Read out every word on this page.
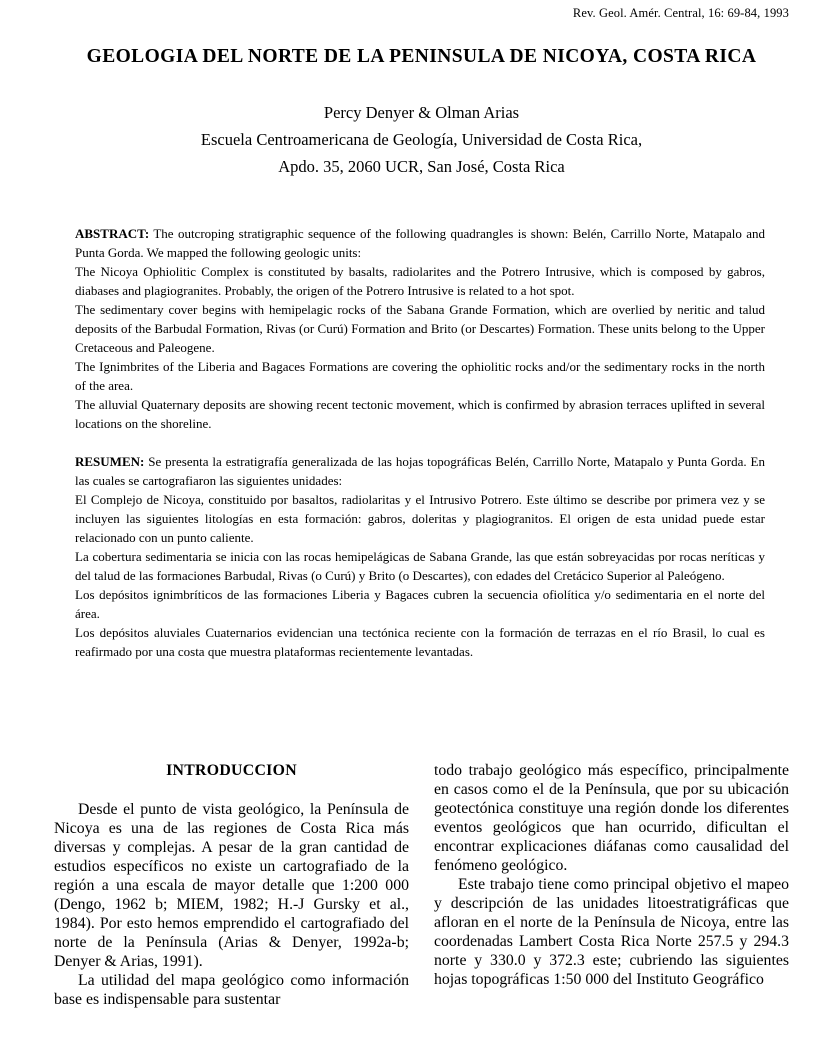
Rev. Geol. Amér. Central, 16: 69-84, 1993
GEOLOGIA DEL NORTE DE LA PENINSULA DE NICOYA, COSTA RICA
Percy Denyer & Olman Arias
Escuela Centroamericana de Geología, Universidad de Costa Rica,
Apdo. 35, 2060 UCR, San José, Costa Rica

ABSTRACT: The outcroping stratigraphic sequence of the following quadrangles is shown: Belén, Carrillo Norte, Matapalo and Punta Gorda. We mapped the following geologic units:

The Nicoya Ophiolitic Complex is constituted by basalts, radiolarites and the Potrero Intrusive, which is composed by gabros, diabases and plagiogranites. Probably, the origen of the Potrero Intrusive is related to a hot spot.

The sedimentary cover begins with hemipelagic rocks of the Sabana Grande Formation, which are overlied by neritic and talud deposits of the Barbudal Formation, Rivas (or Curú) Formation and Brito (or Descartes) Formation. These units belong to the Upper Cretaceous and Paleogene.

The Ignimbrites of the Liberia and Bagaces Formations are covering the ophiolitic rocks and/or the sedimentary rocks in the north of the area.

The alluvial Quaternary deposits are showing recent tectonic movement, which is confirmed by abrasion terraces uplifted in several locations on the shoreline.

RESUMEN: Se presenta la estratigrafía generalizada de las hojas topográficas Belén, Carrillo Norte, Matapalo y Punta Gorda. En las cuales se cartografiaron las siguientes unidades:

El Complejo de Nicoya, constituido por basaltos, radiolaritas y el Intrusivo Potrero. Este último se describe por primera vez y se incluyen las siguientes litologías en esta formación: gabros, doleritas y plagiogranitos. El origen de esta unidad puede estar relacionado con un punto caliente.

La cobertura sedimentaria se inicia con las rocas hemipelágicas de Sabana Grande, las que están sobreyacidas por rocas neríticas y del talud de las formaciones Barbudal, Rivas (o Curú) y Brito (o Descartes), con edades del Cretácico Superior al Paleógeno.

Los depósitos ignimbríticos de las formaciones Liberia y Bagaces cubren la secuencia ofiolítica y/o sedimentaria en el norte del área.

Los depósitos aluviales Cuaternarios evidencian una tectónica reciente con la formación de terrazas en el río Brasil, lo cual es reafirmado por una costa que muestra plataformas recientemente levantadas.

INTRODUCCION

Desde el punto de vista geológico, la Península de Nicoya es una de las regiones de Costa Rica más diversas y complejas. A pesar de la gran cantidad de estudios específicos no existe un cartografiado de la región a una escala de mayor detalle que 1:200 000 (Dengo, 1962 b; MIEM, 1982; H.-J Gursky et al., 1984). Por esto hemos emprendido el cartografiado del norte de la Península (Arias & Denyer, 1992a-b; Denyer & Arias, 1991).

La utilidad del mapa geológico como información base es indispensable para sustentar

todo trabajo geológico más específico, principalmente en casos como el de la Península, que por su ubicación geotectónica constituye una región donde los diferentes eventos geológicos que han ocurrido, dificultan el encontrar explicaciones diáfanas como causalidad del fenómeno geológico.

Este trabajo tiene como principal objetivo el mapeo y descripción de las unidades litoestratigráficas que afloran en el norte de la Península de Nicoya, entre las coordenadas Lambert Costa Rica Norte 257.5 y 294.3 norte y 330.0 y 372.3 este; cubriendo las siguientes hojas topográficas 1:50 000 del Instituto Geográfico
